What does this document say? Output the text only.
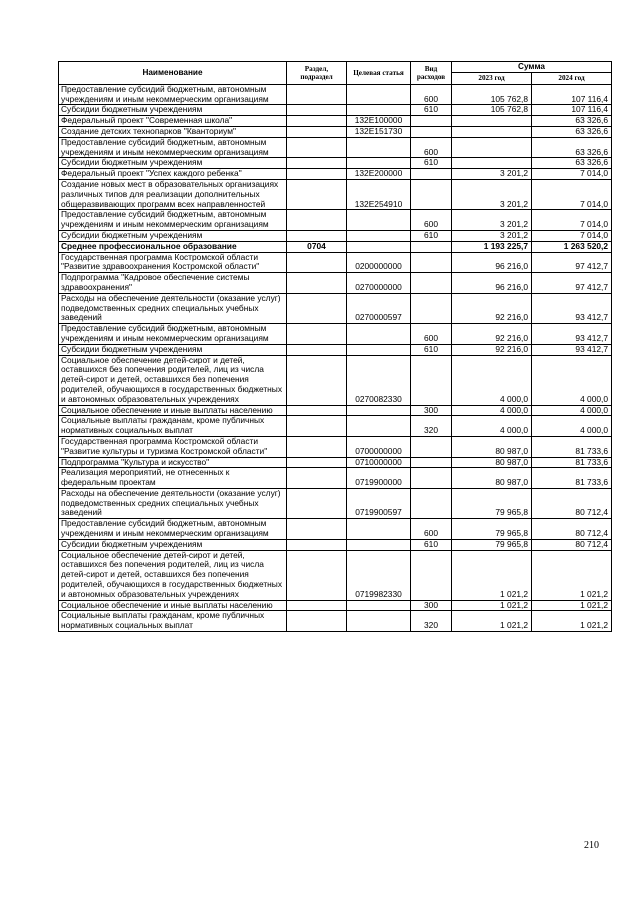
Наименование	Раздел, подраздел	Целевая статья	Вид расходов	Сумма	
				2023 год	2024 год
Предоставление субсидий бюджетным, автономным учреждениям и иным некоммерческим организациям			600	105 762,8	107 116,4
Субсидии бюджетным учреждениям			610	105 762,8	107 116,4
Федеральный проект "Современная школа"		132E100000			63 326,6
Создание детских технопарков "Кванториум"		132E151730			63 326,6
Предоставление субсидий бюджетным, автономным учреждениям и иным некоммерческим организациям			600		63 326,6
Субсидии бюджетным учреждениям			610		63 326,6
Федеральный проект "Успех каждого ребенка"		132E200000		3 201,2	7 014,0
Создание новых мест в образовательных организациях различных типов для реализации дополнительных общеразвивающих программ всех направленностей		132E254910		3 201,2	7 014,0
Предоставление субсидий бюджетным, автономным учреждениям и иным некоммерческим организациям			600	3 201,2	7 014,0
Субсидии бюджетным учреждениям			610	3 201,2	7 014,0
Среднее профессиональное образование	0704			1 193 225,7	1 263 520,2
Государственная программа Костромской области "Развитие здравоохранения Костромской области"		0200000000		96 216,0	97 412,7
Подпрограмма "Кадровое обеспечение системы здравоохранения"		0270000000		96 216,0	97 412,7
Расходы на обеспечение деятельности (оказание услуг) подведомственных средних специальных учебных заведений		0270000597		92 216,0	93 412,7
Предоставление субсидий бюджетным, автономным учреждениям и иным некоммерческим организациям			600	92 216,0	93 412,7
Субсидии бюджетным учреждениям			610	92 216,0	93 412,7
Социальное обеспечение детей-сирот и детей, оставшихся без попечения родителей, лиц из числа детей-сирот и детей, оставшихся без попечения родителей, обучающихся в государственных бюджетных и автономных образовательных учреждениях		0270082330		4 000,0	4 000,0
Социальное обеспечение и иные выплаты населению			300	4 000,0	4 000,0
Социальные выплаты гражданам, кроме публичных нормативных социальных выплат			320	4 000,0	4 000,0
Государственная программа Костромской области "Развитие культуры и туризма Костромской области"		0700000000		80 987,0	81 733,6
Подпрограмма "Культура и искусство"		0710000000		80 987,0	81 733,6
Реализация мероприятий, не отнесенных к федеральным проектам		0719900000		80 987,0	81 733,6
Расходы на обеспечение деятельности (оказание услуг) подведомственных средних специальных учебных заведений		0719900597		79 965,8	80 712,4
Предоставление субсидий бюджетным, автономным учреждениям и иным некоммерческим организациям			600	79 965,8	80 712,4
Субсидии бюджетным учреждениям			610	79 965,8	80 712,4
Социальное обеспечение детей-сирот и детей, оставшихся без попечения родителей, лиц из числа детей-сирот и детей, оставшихся без попечения родителей, обучающихся в государственных бюджетных и автономных образовательных учреждениях		0719982330		1 021,2	1 021,2
Социальное обеспечение и иные выплаты населению			300	1 021,2	1 021,2
Социальные выплаты гражданам, кроме публичных нормативных социальных выплат			320	1 021,2	1 021,2
210
